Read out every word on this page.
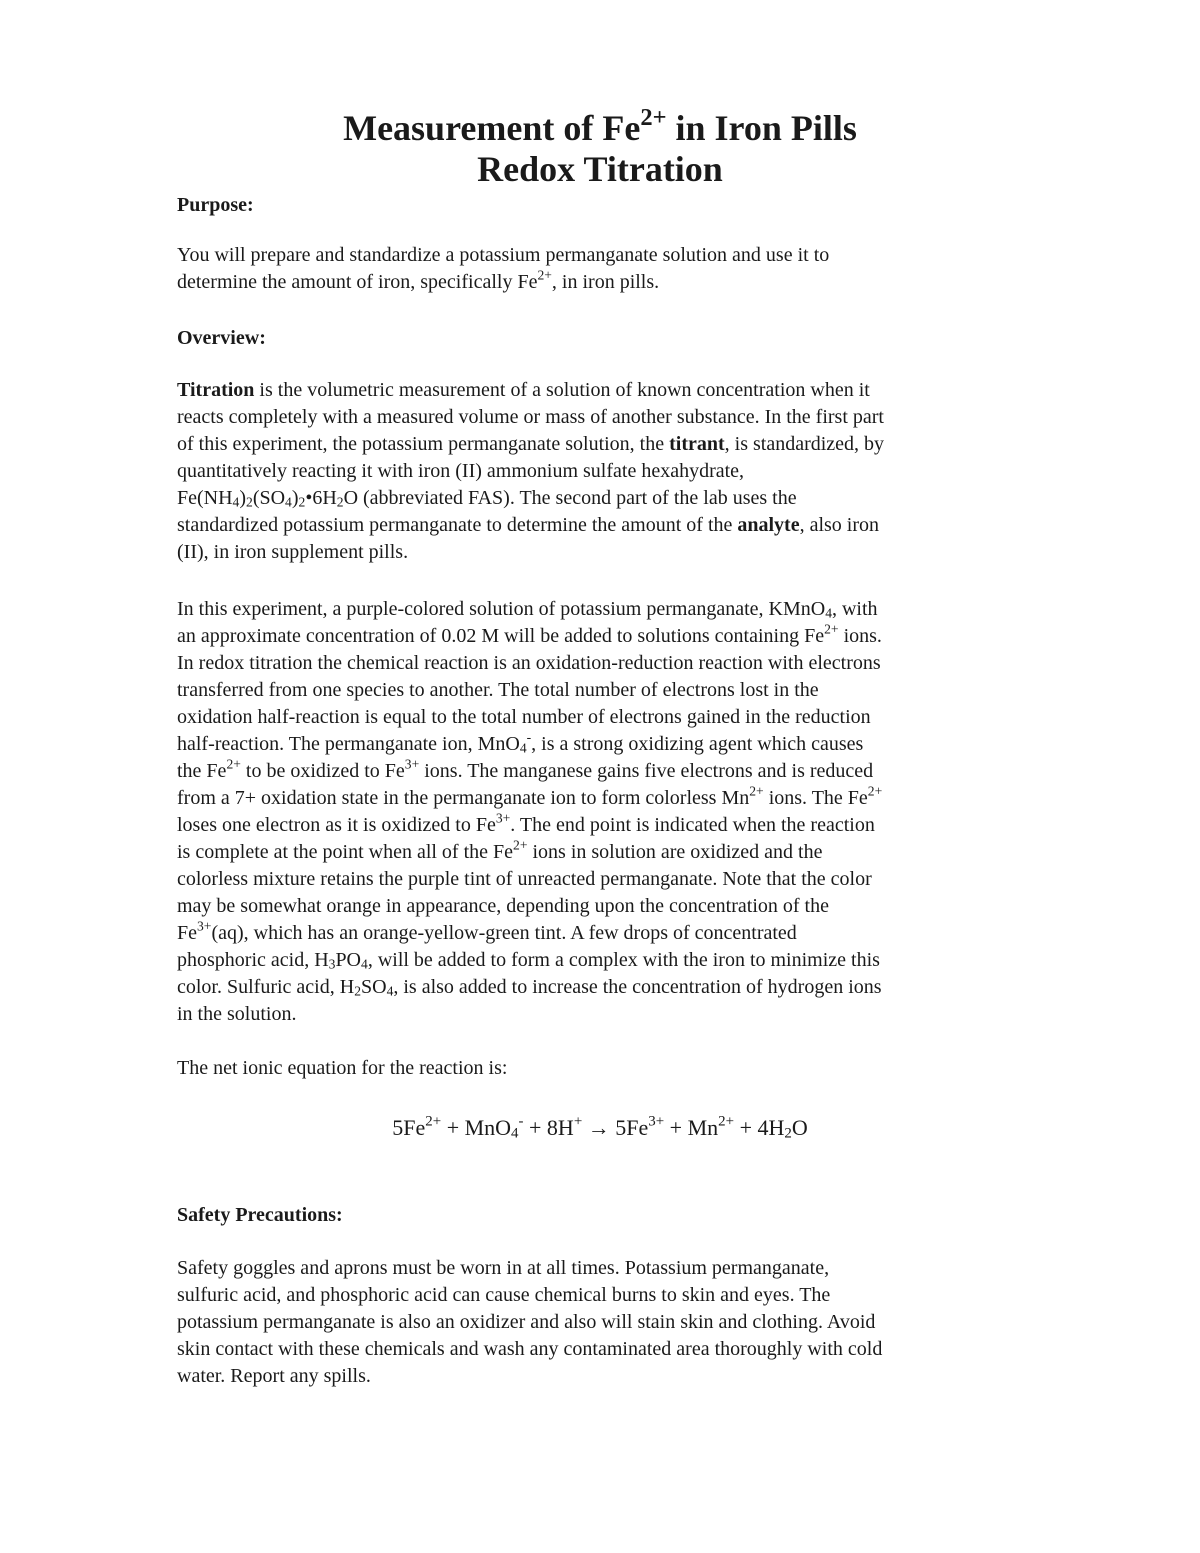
Measurement of $Fe^{2+}$ in Iron Pills
Redox Titration
Purpose:

You will prepare and standardize a potassium permanganate solution and use it to
determine the amount of iron, specifically $Fe^{2+}$, in iron pills.

Overview:

Titration is the volumetric measurement of a solution of known concentration when it
reacts completely with a measured volume or mass of another substance. In the first part
of this experiment, the potassium permanganate solution, the titrant, is standardized, by
quantitatively reacting it with iron (II) ammonium sulfate hexahydrate,
$Fe(NH_4)_2(SO_4)_2•6H_2O$ (abbreviated FAS). The second part of the lab uses the
standardized potassium permanganate to determine the amount of the analyte, also iron
(II), in iron supplement pills.

In this experiment, a purple-colored solution of potassium permanganate, KMnO$_4$, with
an approximate concentration of 0.02 M will be added to solutions containing $Fe^{2+}$ ions.
In redox titration the chemical reaction is an oxidation-reduction reaction with electrons
transferred from one species to another. The total number of electrons lost in the
oxidation half-reaction is equal to the total number of electrons gained in the reduction
half-reaction. The permanganate ion, MnO$_4$-, is a strong oxidizing agent which causes
the $Fe^{2+}$ to be oxidized to $Fe^{3+}$ ions. The manganese gains five electrons and is reduced
from a 7+ oxidation state in the permanganate ion to form colorless $Mn^{2+}$ ions. The $Fe^{2+}$
loses one electron as it is oxidized to $Fe^{3+}$. The end point is indicated when the reaction
is complete at the point when all of the $Fe^{2+}$ ions in solution are oxidized and the
colorless mixture retains the purple tint of unreacted permanganate. Note that the color
may be somewhat orange in appearance, depending upon the concentration of the
$Fe^{3+}(aq)$, which has an orange-yellow-green tint. A few drops of concentrated
phosphoric acid, $H_3PO_4$, will be added to form a complex with the iron to minimize this
color. Sulfuric acid, $H_2SO_4$, is also added to increase the concentration of hydrogen ions
in the solution.

The net ionic equation for the reaction is:

$5Fe^{2+} + MnO_4^- + 8H^+ \to 5Fe^{3+} + Mn^{2+} + 4H_2O$
Safety Precautions:

Safety goggles and aprons must be worn in at all times. Potassium permanganate,
sulfuric acid, and phosphoric acid can cause chemical burns to skin and eyes. The
potassium permanganate is also an oxidizer and also will stain skin and clothing. Avoid
skin contact with these chemicals and wash any contaminated area thoroughly with cold
water. Report any spills.
